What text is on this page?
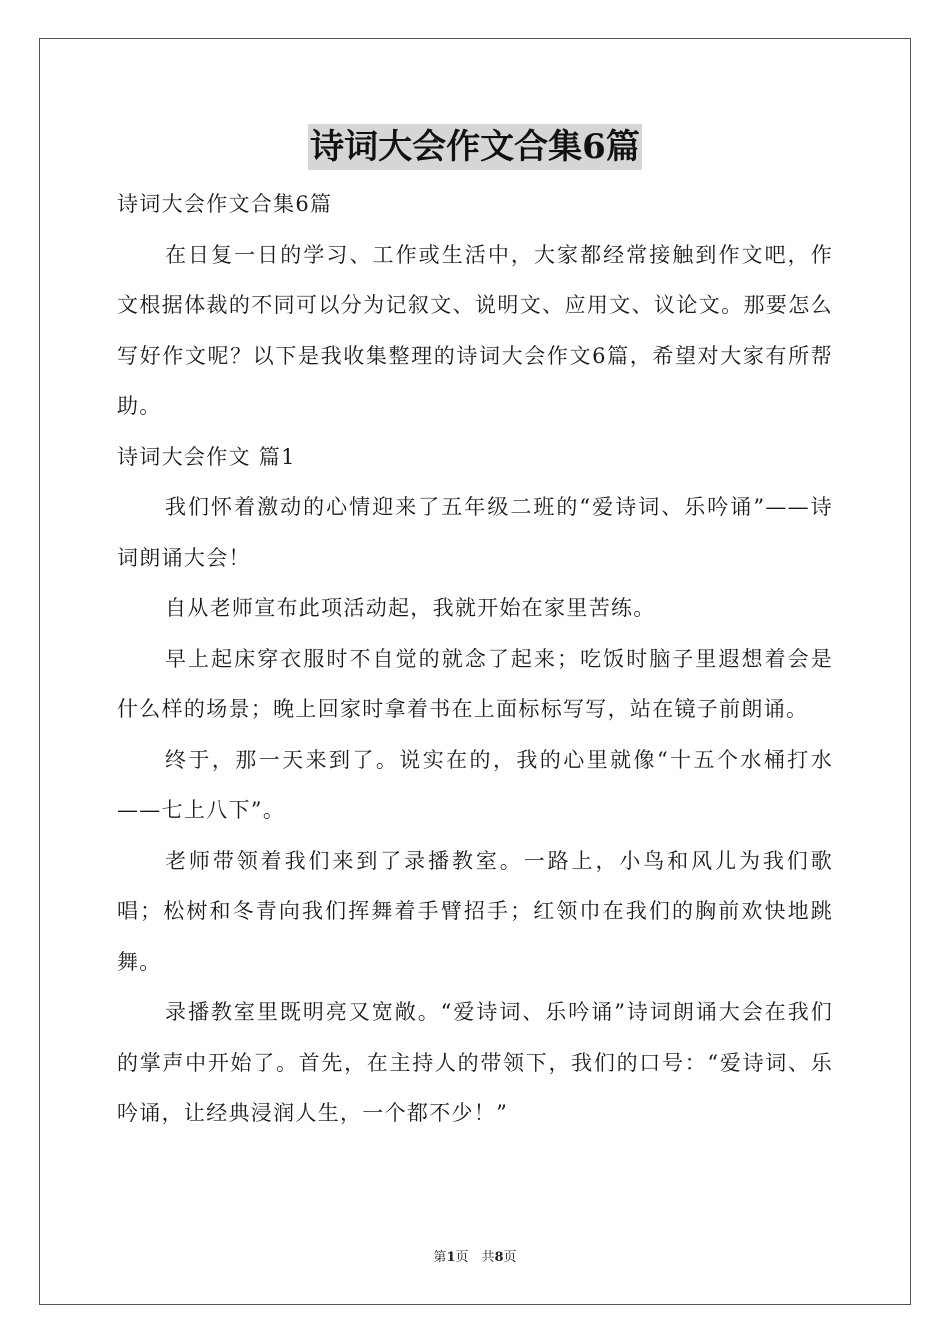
诗词大会作文合集6篇

诗词大会作文合集6篇

在日复一日的学习、工作或生活中，大家都经常接触到作文吧，作文根据体裁的不同可以分为记叙文、说明文、应用文、议论文。那要怎么写好作文呢？以下是我收集整理的诗词大会作文6篇，希望对大家有所帮助。

诗词大会作文 篇1

我们怀着激动的心情迎来了五年级二班的“爱诗词、乐吟诵”——诗词朗诵大会！

自从老师宣布此项活动起，我就开始在家里苦练。

早上起床穿衣服时不自觉的就念了起来；吃饭时脑子里遐想着会是什么样的场景；晚上回家时拿着书在上面标标写写，站在镜子前朗诵。

终于，那一天来到了。说实在的，我的心里就像“十五个水桶打水——七上八下”。

老师带领着我们来到了录播教室。一路上，小鸟和风儿为我们歌唱；松树和冬青向我们挥舞着手臂招手；红领巾在我们的胸前欢快地跳舞。

录播教室里既明亮又宽敞。“爱诗词、乐吟诵”诗词朗诵大会在我们的掌声中开始了。首先，在主持人的带领下，我们的口号：“爱诗词、乐吟诵，让经典浸润人生，一个都不少！”

第1页　共8页
